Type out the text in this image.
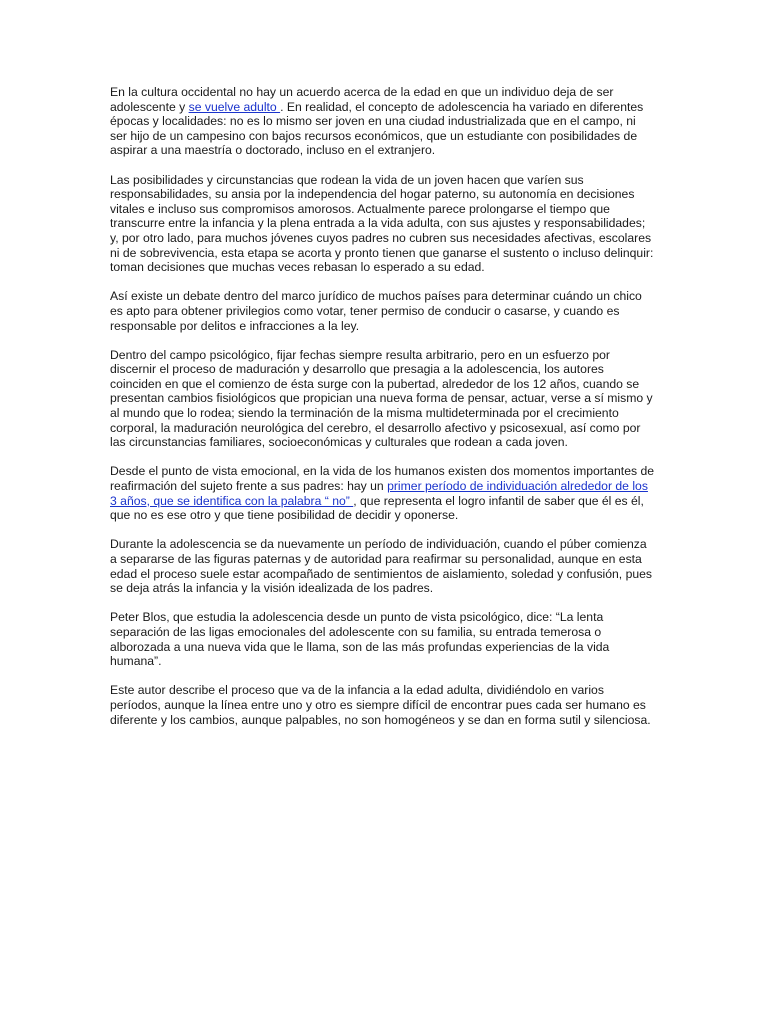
En la cultura occidental no hay un acuerdo acerca de la edad en que un individuo deja de ser adolescente y se vuelve adulto . En realidad, el concepto de adolescencia ha variado en diferentes épocas y localidades: no es lo mismo ser joven en una ciudad industrializada que en el campo, ni ser hijo de un campesino con bajos recursos económicos, que un estudiante con posibilidades de aspirar a una maestría o doctorado, incluso en el extranjero.

Las posibilidades y circunstancias que rodean la vida de un joven hacen que varíen sus responsabilidades, su ansia por la independencia del hogar paterno, su autonomía en decisiones vitales e incluso sus compromisos amorosos. Actualmente parece prolongarse el tiempo que transcurre entre la infancia y la plena entrada a la vida adulta, con sus ajustes y responsabilidades; y, por otro lado, para muchos jóvenes cuyos padres no cubren sus necesidades afectivas, escolares ni de sobrevivencia, esta etapa se acorta y pronto tienen que ganarse el sustento o incluso delinquir: toman decisiones que muchas veces rebasan lo esperado a su edad.

Así existe un debate dentro del marco jurídico de muchos países para determinar cuándo un chico es apto para obtener privilegios como votar, tener permiso de conducir o casarse, y cuando es responsable por delitos e infracciones a la ley.

Dentro del campo psicológico, fijar fechas siempre resulta arbitrario, pero en un esfuerzo por discernir el proceso de maduración y desarrollo que presagia a la adolescencia, los autores coinciden en que el comienzo de ésta surge con la pubertad, alrededor de los 12 años, cuando se presentan cambios fisiológicos que propician una nueva forma de pensar, actuar, verse a sí mismo y al mundo que lo rodea; siendo la terminación de la misma multideterminada por el crecimiento corporal, la maduración neurológica del cerebro, el desarrollo afectivo y psicosexual, así como por las circunstancias familiares, socioeconómicas y culturales que rodean a cada joven.

Desde el punto de vista emocional, en la vida de los humanos existen dos momentos importantes de reafirmación del sujeto frente a sus padres: hay un primer período de individuación alrededor de los 3 años, que se identifica con la palabra “ no” , que representa el logro infantil de saber que él es él, que no es ese otro y que tiene posibilidad de decidir y oponerse.

Durante la adolescencia se da nuevamente un período de individuación, cuando el púber comienza a separarse de las figuras paternas y de autoridad para reafirmar su personalidad, aunque en esta edad el proceso suele estar acompañado de sentimientos de aislamiento, soledad y confusión, pues se deja atrás la infancia y la visión idealizada de los padres.

Peter Blos, que estudia la adolescencia desde un punto de vista psicológico, dice: “La lenta separación de las ligas emocionales del adolescente con su familia, su entrada temerosa o alborozada a una nueva vida que le llama, son de las más profundas experiencias de la vida humana”.

Este autor describe el proceso que va de la infancia a la edad adulta, dividiéndolo en varios períodos, aunque la línea entre uno y otro es siempre difícil de encontrar pues cada ser humano es diferente y los cambios, aunque palpables, no son homogéneos y se dan en forma sutil y silenciosa.
